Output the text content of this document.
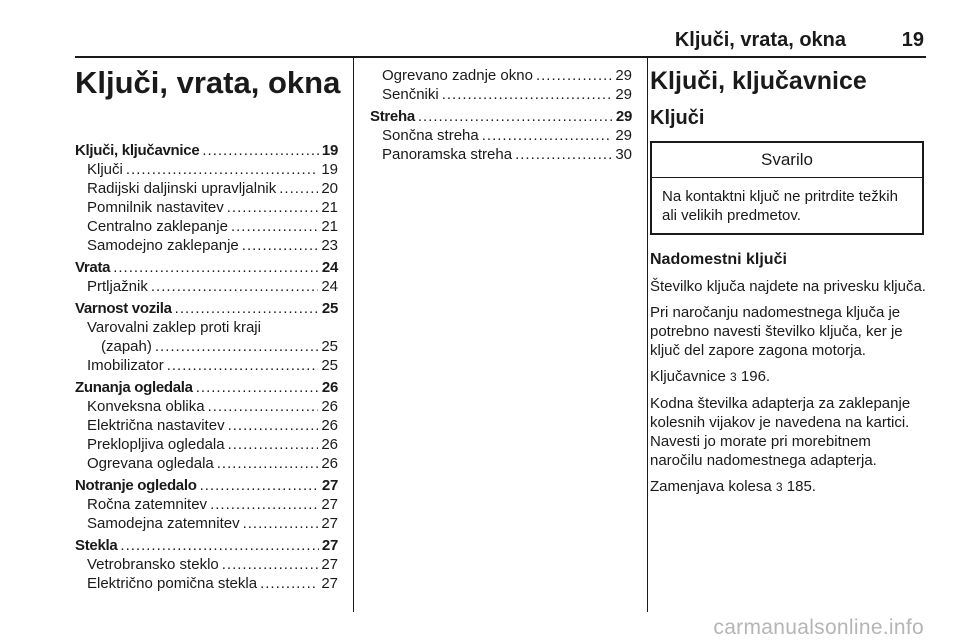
Ključi, vrata, okna	19
Ključi, vrata, okna
Ključi, ključavnice .....	19
Ključi .....	19
Radijski daljinski upravljalnik .....	20
Pomnilnik nastavitev .....	21
Centralno zaklepanje .....	21
Samodejno zaklepanje .....	23
Vrata .....	24
Prtljažnik .....	24
Varnost vozila .....	25
Varovalni zaklep proti kraji
(zapah) .....	25
Imobilizator .....	25
Zunanja ogledala .....	26
Konveksna oblika .....	26
Električna nastavitev .....	26
Preklopljiva ogledala .....	26
Ogrevana ogledala .....	26
Notranje ogledalo .....	27
Ročna zatemnitev .....	27
Samodejna zatemnitev .....	27
Stekla .....	27
Vetrobransko steklo .....	27
Električno pomična stekla .....	27
Ogrevano zadnje okno .....	29
Senčniki .....	29
Streha .....	29
Sončna streha .....	29
Panoramska streha .....	30
Ključi, ključavnice
Ključi
Svarilo
Na kontaktni ključ ne pritrdite težkih ali velikih predmetov.
Nadomestni ključi

Številko ključa najdete na privesku ključa.

Pri naročanju nadomestnega ključa je potrebno navesti številko ključa, ker je ključ del zapore zagona motorja.

Ključavnice 3 196.

Kodna številka adapterja za zaklepanje kolesnih vijakov je navedena na kartici. Navesti jo morate pri morebitnem naročilu nadomestnega adapterja.

Zamenjava kolesa 3 185.

carmanualsonline.info
